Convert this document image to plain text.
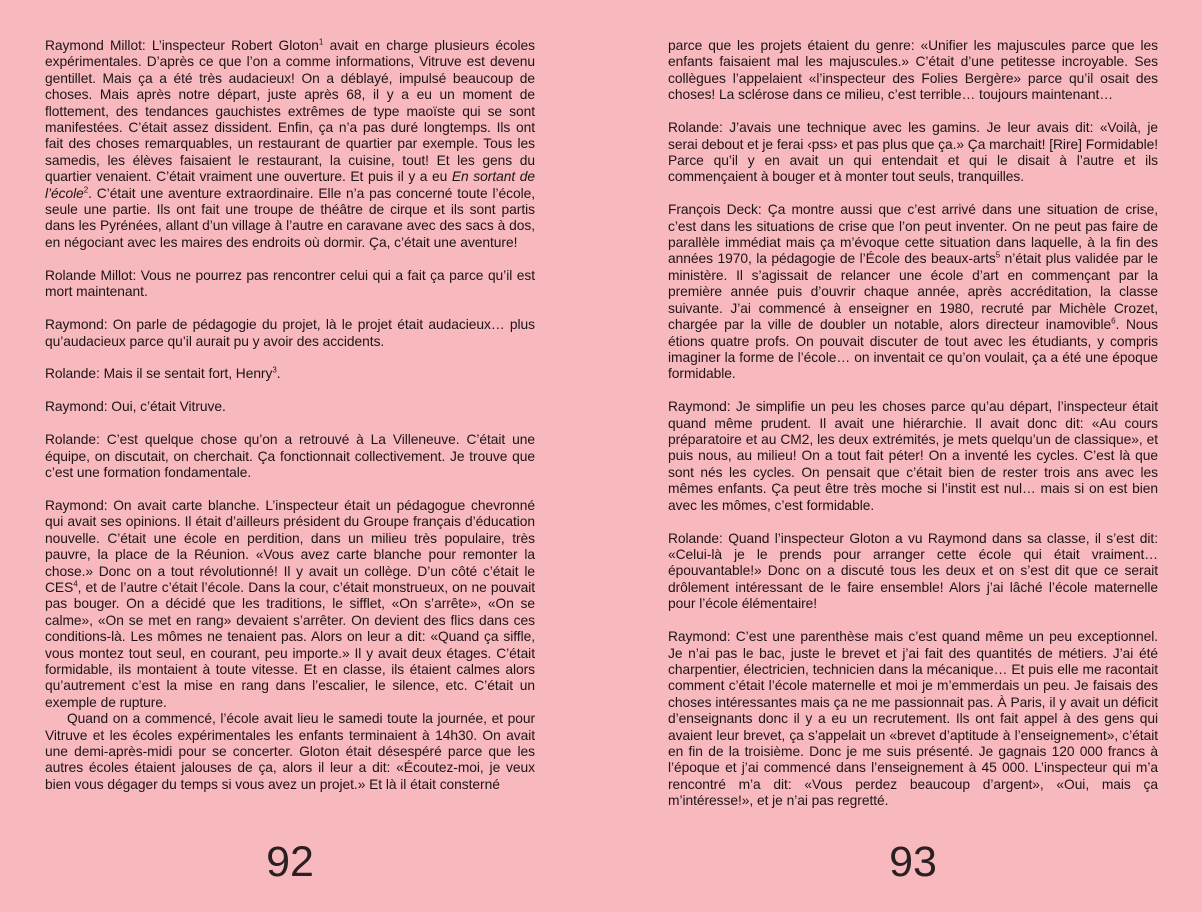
Raymond Millot: L’inspecteur Robert Gloton$^1$ avait en charge plusieurs écoles expérimentales. D’après ce que l’on a comme informations, Vitruve est devenu gentillet. Mais ça a été très audacieux! On a déblayé, impulsé beaucoup de choses. Mais après notre départ, juste après 68, il y a eu un moment de flottement, des tendances gauchistes extrêmes de type maoïste qui se sont manifestées. C’était assez dissident. Enfin, ça n’a pas duré longtemps. Ils ont fait des choses remarquables, un restaurant de quartier par exemple. Tous les samedis, les élèves faisaient le restaurant, la cuisine, tout! Et les gens du quartier venaient. C’était vraiment une ouverture. Et puis il y a eu En sortant de l’école$^2$. C’était une aventure extraordinaire. Elle n’a pas concerné toute l’école, seule une partie. Ils ont fait une troupe de théâtre de cirque et ils sont partis dans les Pyrénées, allant d’un village à l’autre en caravane avec des sacs à dos, en négociant avec les maires des endroits où dormir. Ça, c’était une aventure!

Rolande Millot: Vous ne pourrez pas rencontrer celui qui a fait ça parce qu’il est mort maintenant.

Raymond: On parle de pédagogie du projet, là le projet était audacieux… plus qu’audacieux parce qu’il aurait pu y avoir des accidents.

Rolande: Mais il se sentait fort, Henry$^3$.

Raymond: Oui, c’était Vitruve.

Rolande: C’est quelque chose qu’on a retrouvé à La Villeneuve. C’était une équipe, on discutait, on cherchait. Ça fonctionnait collectivement. Je trouve que c’est une formation fondamentale.

Raymond: On avait carte blanche. L’inspecteur était un pédagogue chevronné qui avait ses opinions. Il était d’ailleurs président du Groupe français d’éducation nouvelle. C’était une école en perdition, dans un milieu très populaire, très pauvre, la place de la Réunion. «Vous avez carte blanche pour remonter la chose.» Donc on a tout révolutionné! Il y avait un collège. D’un côté c’était le CES$^4$, et de l’autre c’était l’école. Dans la cour, c’était monstrueux, on ne pouvait pas bouger. On a décidé que les traditions, le sifflet, «On s’arrête», «On se calme», «On se met en rang» devaient s’arrêter. On devient des flics dans ces conditions-là. Les mômes ne tenaient pas. Alors on leur a dit: «Quand ça siffle, vous montez tout seul, en courant, peu importe.» Il y avait deux étages. C’était formidable, ils montaient à toute vitesse. Et en classe, ils étaient calmes alors qu’autrement c’est la mise en rang dans l’escalier, le silence, etc. C’était un exemple de rupture.

Quand on a commencé, l’école avait lieu le samedi toute la journée, et pour Vitruve et les écoles expérimentales les enfants terminaient à 14h30. On avait une demi-après-midi pour se concerter. Gloton était désespéré parce que les autres écoles étaient jalouses de ça, alors il leur a dit: «Écoutez-moi, je veux bien vous dégager du temps si vous avez un projet.» Et là il était consterné

92

parce que les projets étaient du genre: «Unifier les majuscules parce que les enfants faisaient mal les majuscules.» C’était d’une petitesse incroyable. Ses collègues l’appelaient «l’inspecteur des Folies Bergère» parce qu’il osait des choses! La sclérose dans ce milieu, c’est terrible… toujours maintenant…

Rolande: J’avais une technique avec les gamins. Je leur avais dit: «Voilà, je serai debout et je ferai ‹pss› et pas plus que ça.» Ça marchait! [Rire] Formidable! Parce qu’il y en avait un qui entendait et qui le disait à l’autre et ils commençaient à bouger et à monter tout seuls, tranquilles.

François Deck: Ça montre aussi que c’est arrivé dans une situation de crise, c’est dans les situations de crise que l’on peut inventer. On ne peut pas faire de parallèle immédiat mais ça m’évoque cette situation dans laquelle, à la fin des années 1970, la pédagogie de l’École des beaux-arts$^5$ n’était plus validée par le ministère. Il s’agissait de relancer une école d’art en commençant par la première année puis d’ouvrir chaque année, après accréditation, la classe suivante. J’ai commencé à enseigner en 1980, recruté par Michèle Crozet, chargée par la ville de doubler un notable, alors directeur inamovible$^6$. Nous étions quatre profs. On pouvait discuter de tout avec les étudiants, y compris imaginer la forme de l’école… on inventait ce qu’on voulait, ça a été une époque formidable.

Raymond: Je simplifie un peu les choses parce qu’au départ, l’inspecteur était quand même prudent. Il avait une hiérarchie. Il avait donc dit: «Au cours préparatoire et au CM2, les deux extrémités, je mets quelqu’un de classique», et puis nous, au milieu! On a tout fait péter! On a inventé les cycles. C’est là que sont nés les cycles. On pensait que c’était bien de rester trois ans avec les mêmes enfants. Ça peut être très moche si l’instit est nul… mais si on est bien avec les mômes, c’est formidable.

Rolande: Quand l’inspecteur Gloton a vu Raymond dans sa classe, il s’est dit: «Celui-là je le prends pour arranger cette école qui était vraiment… épouvantable!» Donc on a discuté tous les deux et on s’est dit que ce serait drôlement intéressant de le faire ensemble! Alors j’ai lâché l’école maternelle pour l’école élémentaire!

Raymond: C’est une parenthèse mais c’est quand même un peu exceptionnel. Je n’ai pas le bac, juste le brevet et j’ai fait des quantités de métiers. J’ai été charpentier, électricien, technicien dans la mécanique… Et puis elle me racontait comment c’était l’école maternelle et moi je m’emmerdais un peu. Je faisais des choses intéressantes mais ça ne me passionnait pas. À Paris, il y avait un déficit d’enseignants donc il y a eu un recrutement. Ils ont fait appel à des gens qui avaient leur brevet, ça s’appelait un «brevet d’aptitude à l’enseignement», c’était en fin de la troisième. Donc je me suis présenté. Je gagnais 120 000 francs à l’époque et j’ai commencé dans l’enseignement à 45 000. L’inspecteur qui m’a rencontré m’a dit: «Vous perdez beaucoup d’argent», «Oui, mais ça m’intéresse!», et je n’ai pas regretté.

93
